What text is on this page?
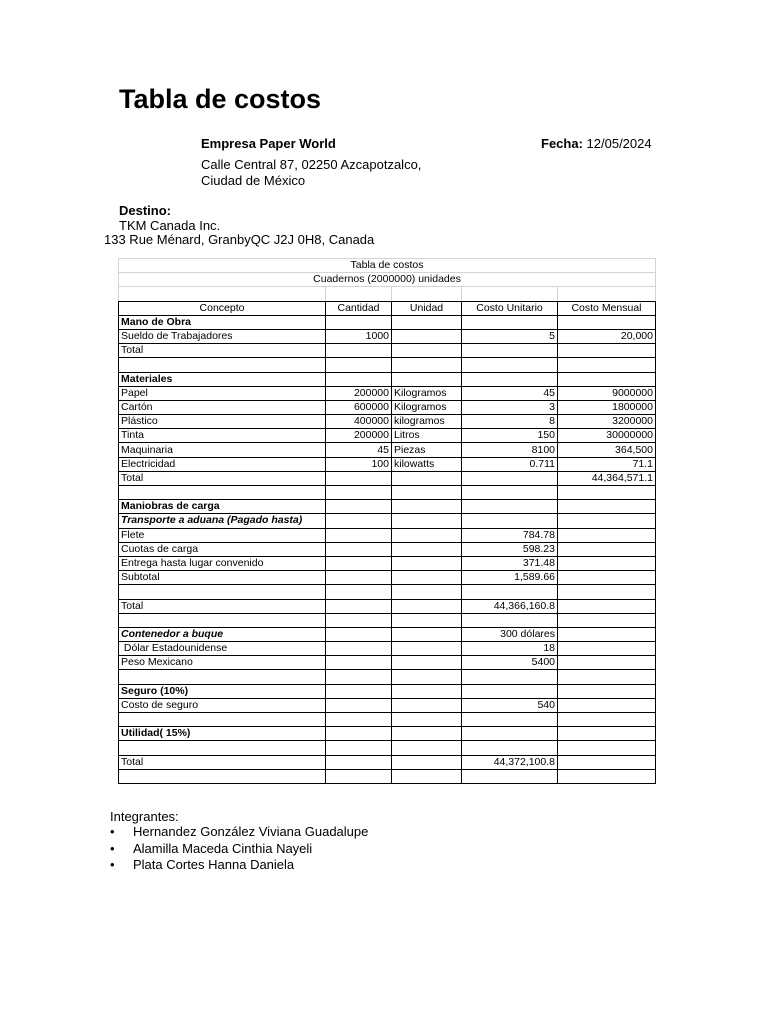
Tabla de costos
Empresa Paper World	Fecha: 12/05/2024
Calle Central 87, 02250 Azcapotzalco,
Ciudad de México
Destino:
TKM Canada Inc.
133 Rue Ménard, GranbyQC J2J 0H8, Canada
Tabla de costos				
Cuadernos (2000000) unidades				

Concepto	Cantidad	Unidad	Costo Unitario	Costo Mensual
Mano de Obra				
Sueldo de Trabajadores	1000		5	20,000
Total				

Materiales				
Papel	200000	Kilogramos	45	9000000
Cartón	600000	Kilogramos	3	1800000
Plástico	400000	kilogramos	8	3200000
Tinta	200000	Litros	150	30000000
Maquinaria	45	Piezas	8100	364,500
Electricidad	100	kilowatts	0.711	71.1
Total				44,364,571.1

Maniobras de carga				
Transporte a aduana (Pagado hasta)				
Flete			784.78	
Cuotas de carga			598.23	
Entrega hasta lugar convenido			371.48	
Subtotal			1,589.66	

Total			44,366,160.8	

Contenedor a buque			300 dólares	
Dólar Estadounidense			18	
Peso Mexicano			5400	

Seguro (10%)				
Costo de seguro			540	

Utilidad( 15%)				

Total			44,372,100.8	

Integrantes:
• Hernandez González Viviana Guadalupe
• Alamilla Maceda Cinthia Nayeli
• Plata Cortes Hanna Daniela
